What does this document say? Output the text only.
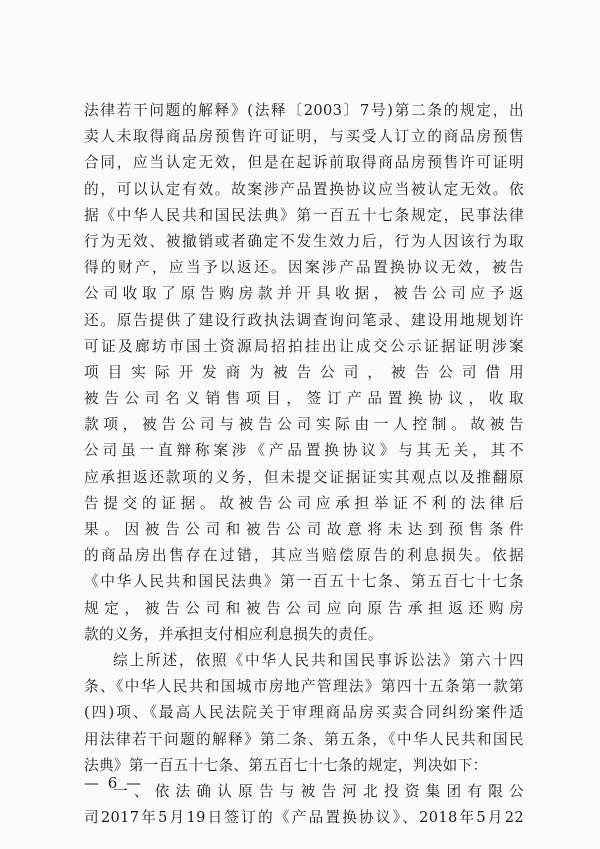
法律若干问题的解释》(法释〔2003〕7号)第二条的规定，出
卖人未取得商品房预售许可证明，与买受人订立的商品房预售
合同，应当认定无效，但是在起诉前取得商品房预售许可证明
的，可以认定有效。故案涉产品置换协议应当被认定无效。依
据《中华人民共和国民法典》第一百五十七条规定，民事法律
行为无效、被撤销或者确定不发生效力后，行为人因该行为取
得的财产，应当予以返还。因案涉产品置换协议无效，被告
公司收取了原告购房款并开具收据，被告公司应予返
还。原告提供了建设行政执法调查询问笔录、建设用地规划许
可证及廊坊市国土资源局招拍挂出让成交公示证据证明涉案
项目实际开发商为被告公司，被告公司借用
被告公司名义销售项目，签订产品置换协议，收取
款项，被告公司与被告公司实际由一人控制。故被告
公司虽一直辩称案涉《产品置换协议》与其无关，其不
应承担返还款项的义务，但未提交证据证实其观点以及推翻原
告提交的证据。故被告公司应承担举证不利的法律后
果。因被告公司和被告公司故意将未达到预售条件
的商品房出售存在过错，其应当赔偿原告的利息损失。依据
《中华人民共和国民法典》第一百五十七条、第五百七十七条
规定，被告公司和被告公司应向原告承担返还购房
款的义务，并承担支付相应利息损失的责任。
综上所述，依照《中华人民共和国民事诉讼法》第六十四
条、《中华人民共和国城市房地产管理法》第四十五条第一款第
(四)项、《最高人民法院关于审理商品房买卖合同纠纷案件适
用法律若干问题的解释》第二条、第五条，《中华人民共和国民
法典》第一百五十七条、第五百七十七条的规定，判决如下：
一、依法确认原告与被告河北投资集团有限公
司2017年5月19日签订的《产品置换协议》、2018年5月22
— 6 —
